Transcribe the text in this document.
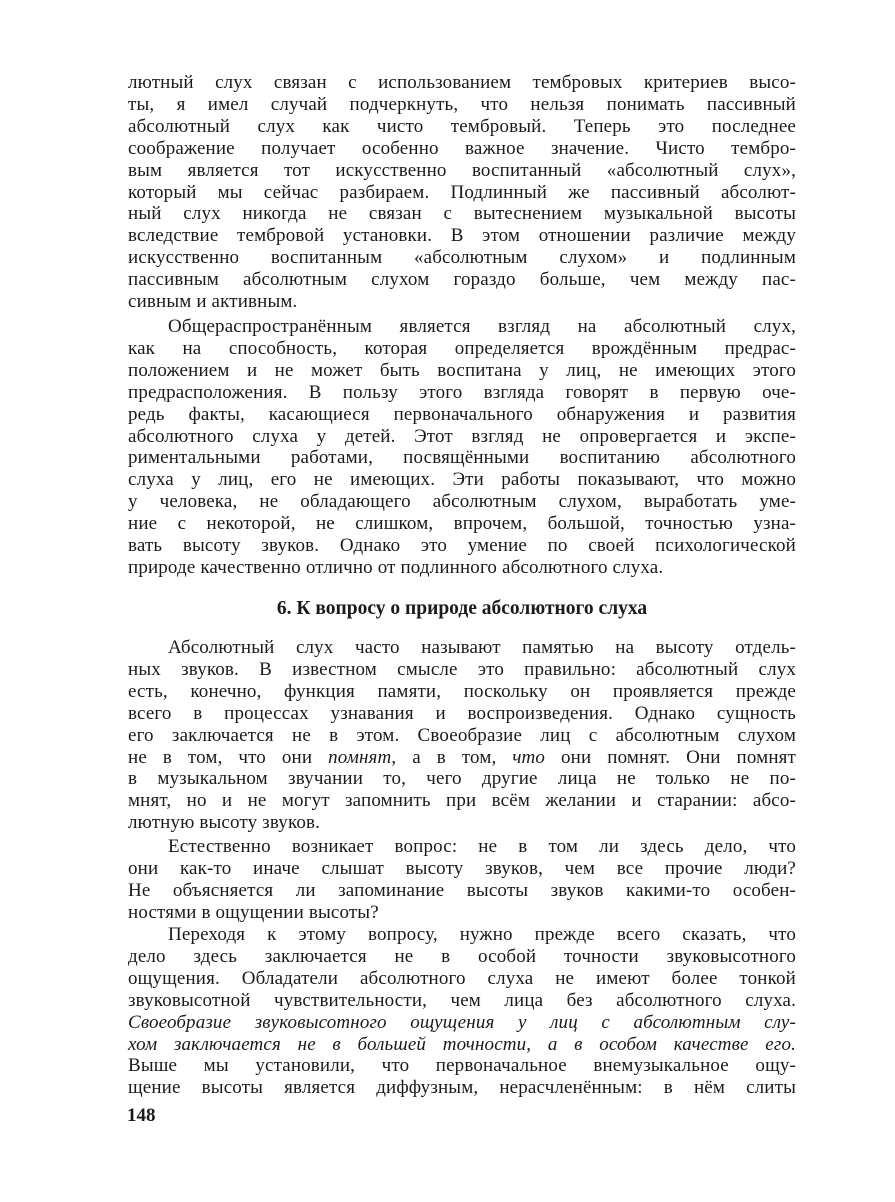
лютный слух связан с использованием тембровых критериев высо-
ты, я имел случай подчеркнуть, что нельзя понимать пассивный
абсолютный слух как чисто тембровый. Теперь это последнее
соображение получает особенно важное значение. Чисто тембро-
вым является тот искусственно воспитанный «абсолютный слух»,
который мы сейчас разбираем. Подлинный же пассивный абсолют-
ный слух никогда не связан с вытеснением музыкальной высоты
вследствие тембровой установки. В этом отношении различие между
искусственно воспитанным «абсолютным слухом» и подлинным
пассивным абсолютным слухом гораздо больше, чем между пас-
сивным и активным.
Общераспространённым является взгляд на абсолютный слух,
как на способность, которая определяется врождённым предрас-
положением и не может быть воспитана у лиц, не имеющих этого
предрасположения. В пользу этого взгляда говорят в первую оче-
редь факты, касающиеся первоначального обнаружения и развития
абсолютного слуха у детей. Этот взгляд не опровергается и экспе-
риментальными работами, посвящёнными воспитанию абсолютного
слуха у лиц, его не имеющих. Эти работы показывают, что можно
у человека, не обладающего абсолютным слухом, выработать уме-
ние с некоторой, не слишком, впрочем, большой, точностью узна-
вать высоту звуков. Однако это умение по своей психологической
природе качественно отлично от подлинного абсолютного слуха.
6. К вопросу о природе абсолютного слуха
Абсолютный слух часто называют памятью на высоту отдель-
ных звуков. В известном смысле это правильно: абсолютный слух
есть, конечно, функция памяти, поскольку он проявляется прежде
всего в процессах узнавания и воспроизведения. Однако сущность
его заключается не в этом. Своеобразие лиц с абсолютным слухом
не в том, что они помнят, а в том, что они помнят. Они помнят
в музыкальном звучании то, чего другие лица не только не по-
мнят, но и не могут запомнить при всём желании и старании: абсо-
лютную высоту звуков.
Естественно возникает вопрос: не в том ли здесь дело, что
они как-то иначе слышат высоту звуков, чем все прочие люди?
Не объясняется ли запоминание высоты звуков какими-то особен-
ностями в ощущении высоты?
Переходя к этому вопросу, нужно прежде всего сказать, что
дело здесь заключается не в особой точности звуковысотного
ощущения. Обладатели абсолютного слуха не имеют более тонкой
звуковысотной чувствительности, чем лица без абсолютного слуха.
Своеобразие звуковысотного ощущения у лиц с абсолютным слу-
хом заключается не в большей точности, а в особом качестве его.
Выше мы установили, что первоначальное внемузыкальное ощу-
щение высоты является диффузным, нерасчленённым: в нём слиты
148
